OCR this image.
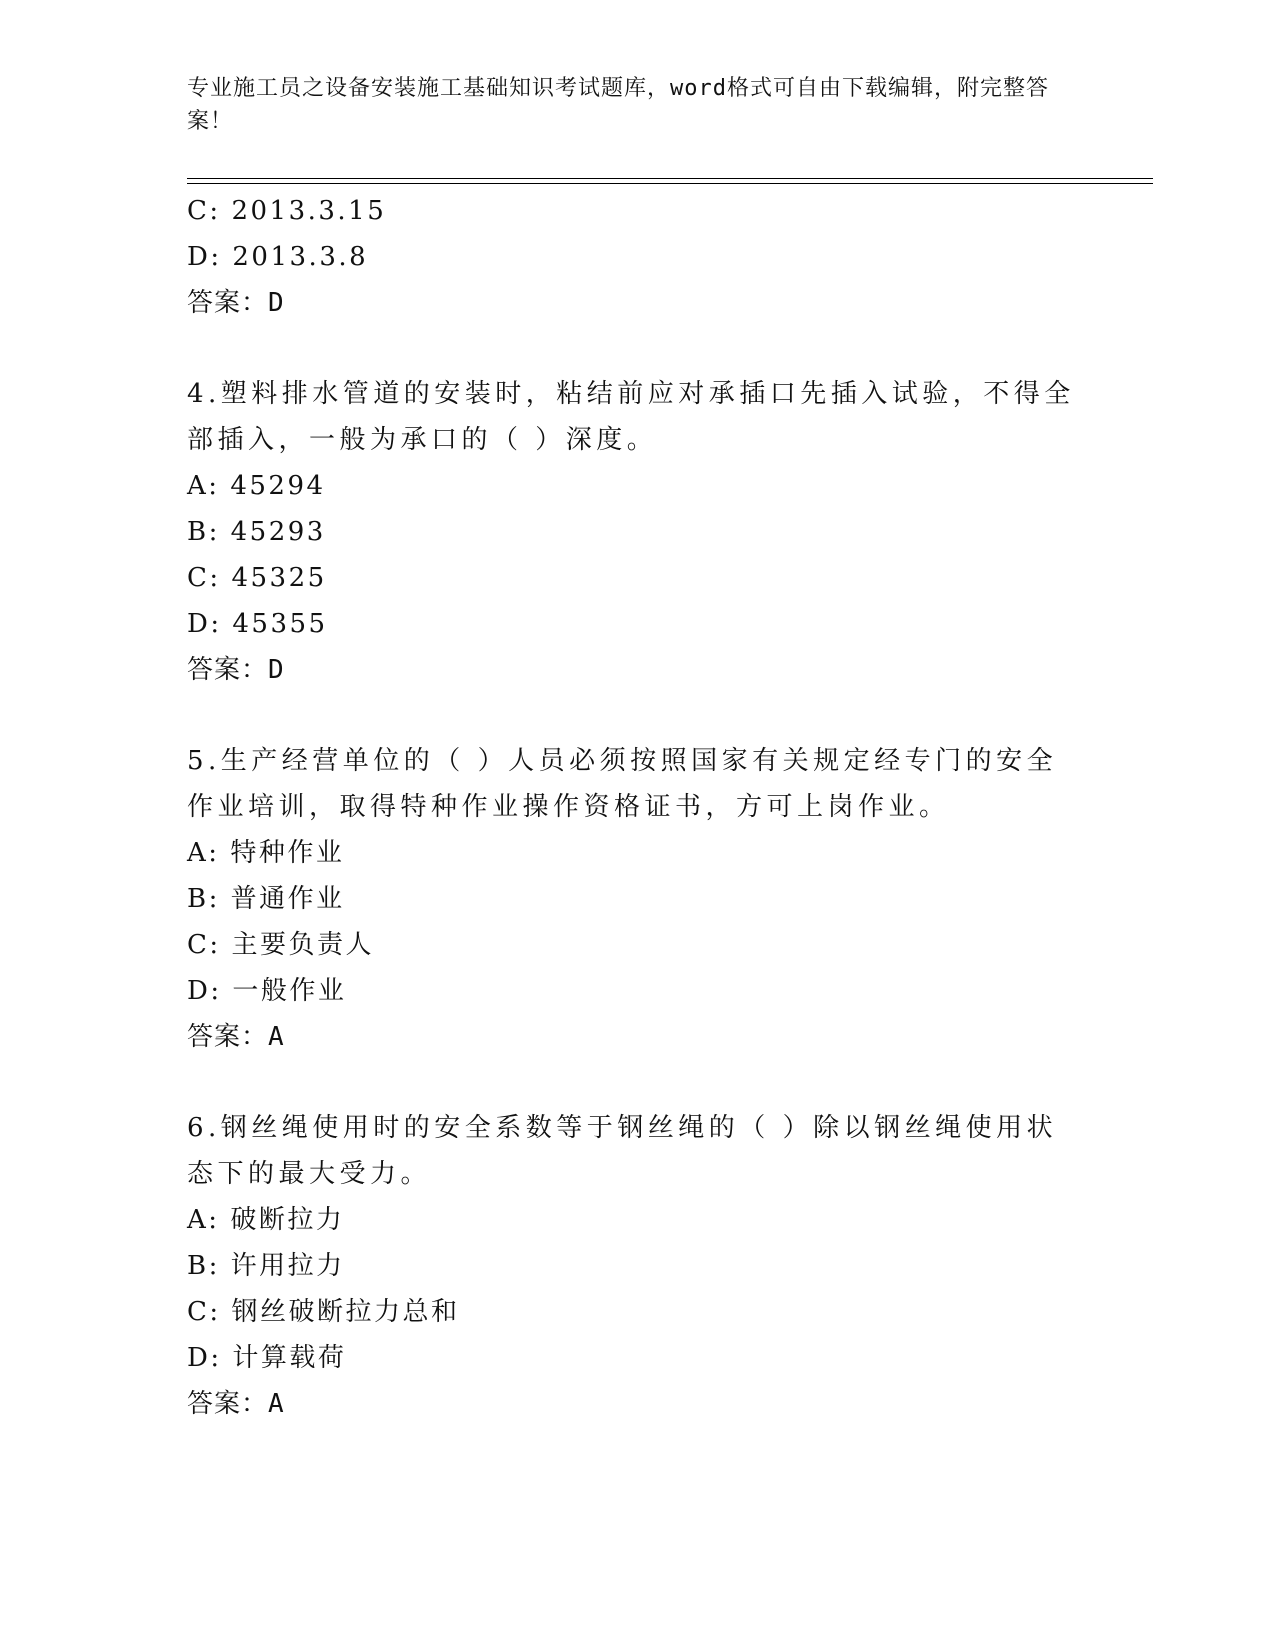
专业施工员之设备安装施工基础知识考试题库，word格式可自由下载编辑，附完整答案！
C: 2013.3.15
D: 2013.3.8
答案：D
4.塑料排水管道的安装时，粘结前应对承插口先插入试验，不得全部插入，一般为承口的（ ）深度。
A: 45294
B: 45293
C: 45325
D: 45355
答案：D
5.生产经营单位的（ ）人员必须按照国家有关规定经专门的安全作业培训，取得特种作业操作资格证书，方可上岗作业。
A: 特种作业
B: 普通作业
C: 主要负责人
D: 一般作业
答案：A
6.钢丝绳使用时的安全系数等于钢丝绳的（ ）除以钢丝绳使用状态下的最大受力。
A: 破断拉力
B: 许用拉力
C: 钢丝破断拉力总和
D: 计算载荷
答案：A
